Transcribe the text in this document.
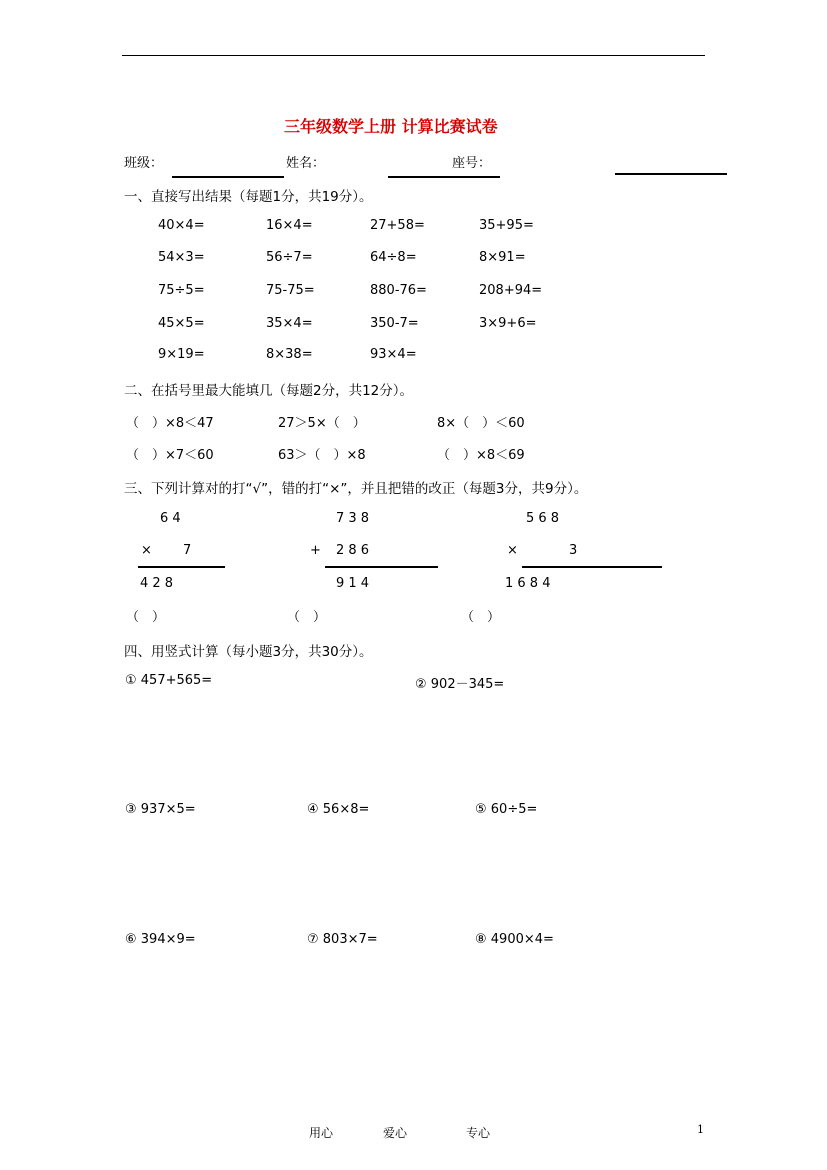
三年级数学上册 计算比赛试卷
班级：	姓名：	座号：
一、直接写出结果（每题1分，共19分）。
40×4=	16×4=	27+58=	35+95=
54×3=	56÷7=	64÷8=	8×91=
75÷5=	75-75=	880-76=	208+94=
45×5=	35×4=	350-7=	3×9+6=
9×19=	8×38=	93×4=
二、在括号里最大能填几（每题2分，共12分）。
（　）×8＜47	27＞5×（　）	8×（　）＜60
（　）×7＜60	63＞（　）×8	（　）×8＜69
三、下列计算对的打“√”，错的打“×”，并且把错的改正（每题3分，共9分）。
6 4
× 7
4 2 8
（　）
7 3 8
+ 2 8 6
9 1 4
（　）
5 6 8
×	3
1 6 8 4
（　）
四、用竖式计算（每小题3分，共30分）。
① 457+565=	② 902－345=
③ 937×5=	④ 56×8=	⑤ 60÷5=
⑥ 394×9=	⑦ 803×7=	⑧ 4900×4=
用心	爱心	专心	1
